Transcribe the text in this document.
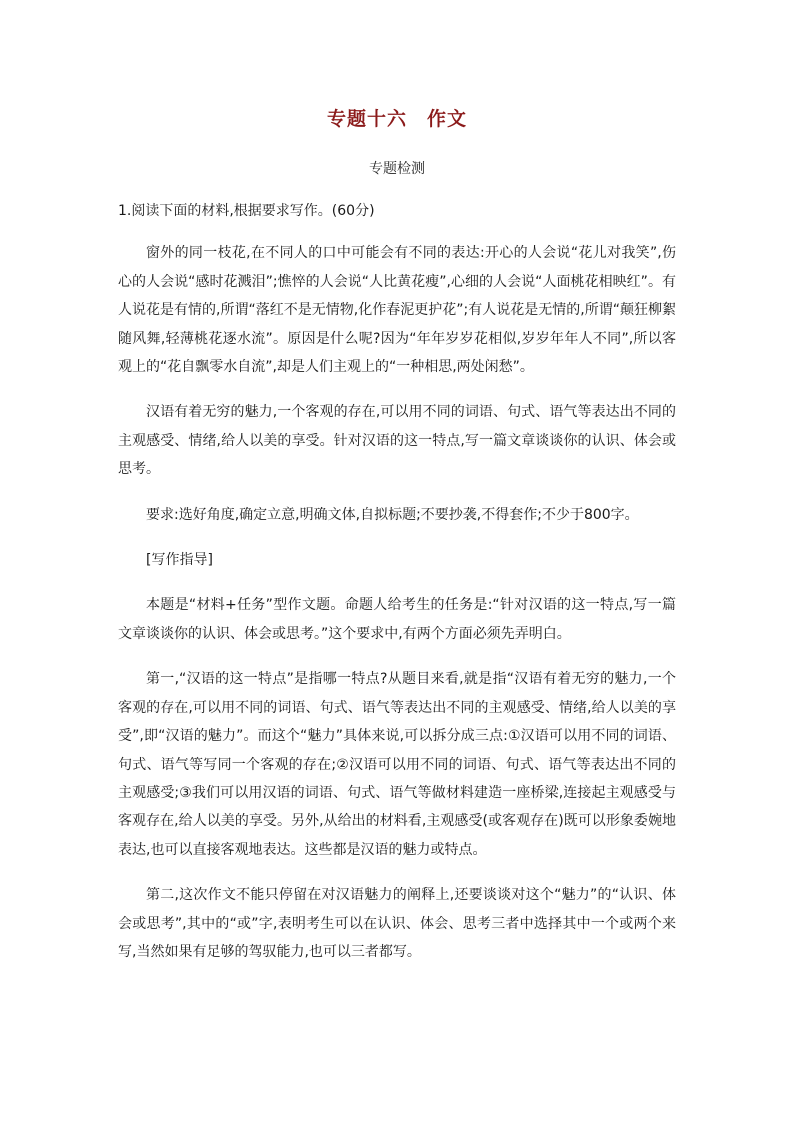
专题十六　作文
专题检测

1.阅读下面的材料,根据要求写作。(60分)

窗外的同一枝花,在不同人的口中可能会有不同的表达:开心的人会说“花儿对我笑”,伤心的人会说“感时花溅泪”;憔悴的人会说“人比黄花瘦”,心细的人会说“人面桃花相映红”。有人说花是有情的,所谓“落红不是无情物,化作春泥更护花”;有人说花是无情的,所谓“颠狂柳絮随风舞,轻薄桃花逐水流”。原因是什么呢?因为“年年岁岁花相似,岁岁年年人不同”,所以客观上的“花自飘零水自流”,却是人们主观上的“一种相思,两处闲愁”。

汉语有着无穷的魅力,一个客观的存在,可以用不同的词语、句式、语气等表达出不同的主观感受、情绪,给人以美的享受。针对汉语的这一特点,写一篇文章谈谈你的认识、体会或思考。

要求:选好角度,确定立意,明确文体,自拟标题;不要抄袭,不得套作;不少于800字。

[写作指导]

本题是“材料+任务”型作文题。命题人给考生的任务是:“针对汉语的这一特点,写一篇文章谈谈你的认识、体会或思考。”这个要求中,有两个方面必须先弄明白。

第一,“汉语的这一特点”是指哪一特点?从题目来看,就是指“汉语有着无穷的魅力,一个客观的存在,可以用不同的词语、句式、语气等表达出不同的主观感受、情绪,给人以美的享受”,即“汉语的魅力”。而这个“魅力”具体来说,可以拆分成三点:①汉语可以用不同的词语、句式、语气等写同一个客观的存在;②汉语可以用不同的词语、句式、语气等表达出不同的主观感受;③我们可以用汉语的词语、句式、语气等做材料建造一座桥梁,连接起主观感受与客观存在,给人以美的享受。另外,从给出的材料看,主观感受(或客观存在)既可以形象委婉地表达,也可以直接客观地表达。这些都是汉语的魅力或特点。

第二,这次作文不能只停留在对汉语魅力的阐释上,还要谈谈对这个“魅力”的“认识、体会或思考”,其中的“或”字,表明考生可以在认识、体会、思考三者中选择其中一个或两个来写,当然如果有足够的驾驭能力,也可以三者都写。
